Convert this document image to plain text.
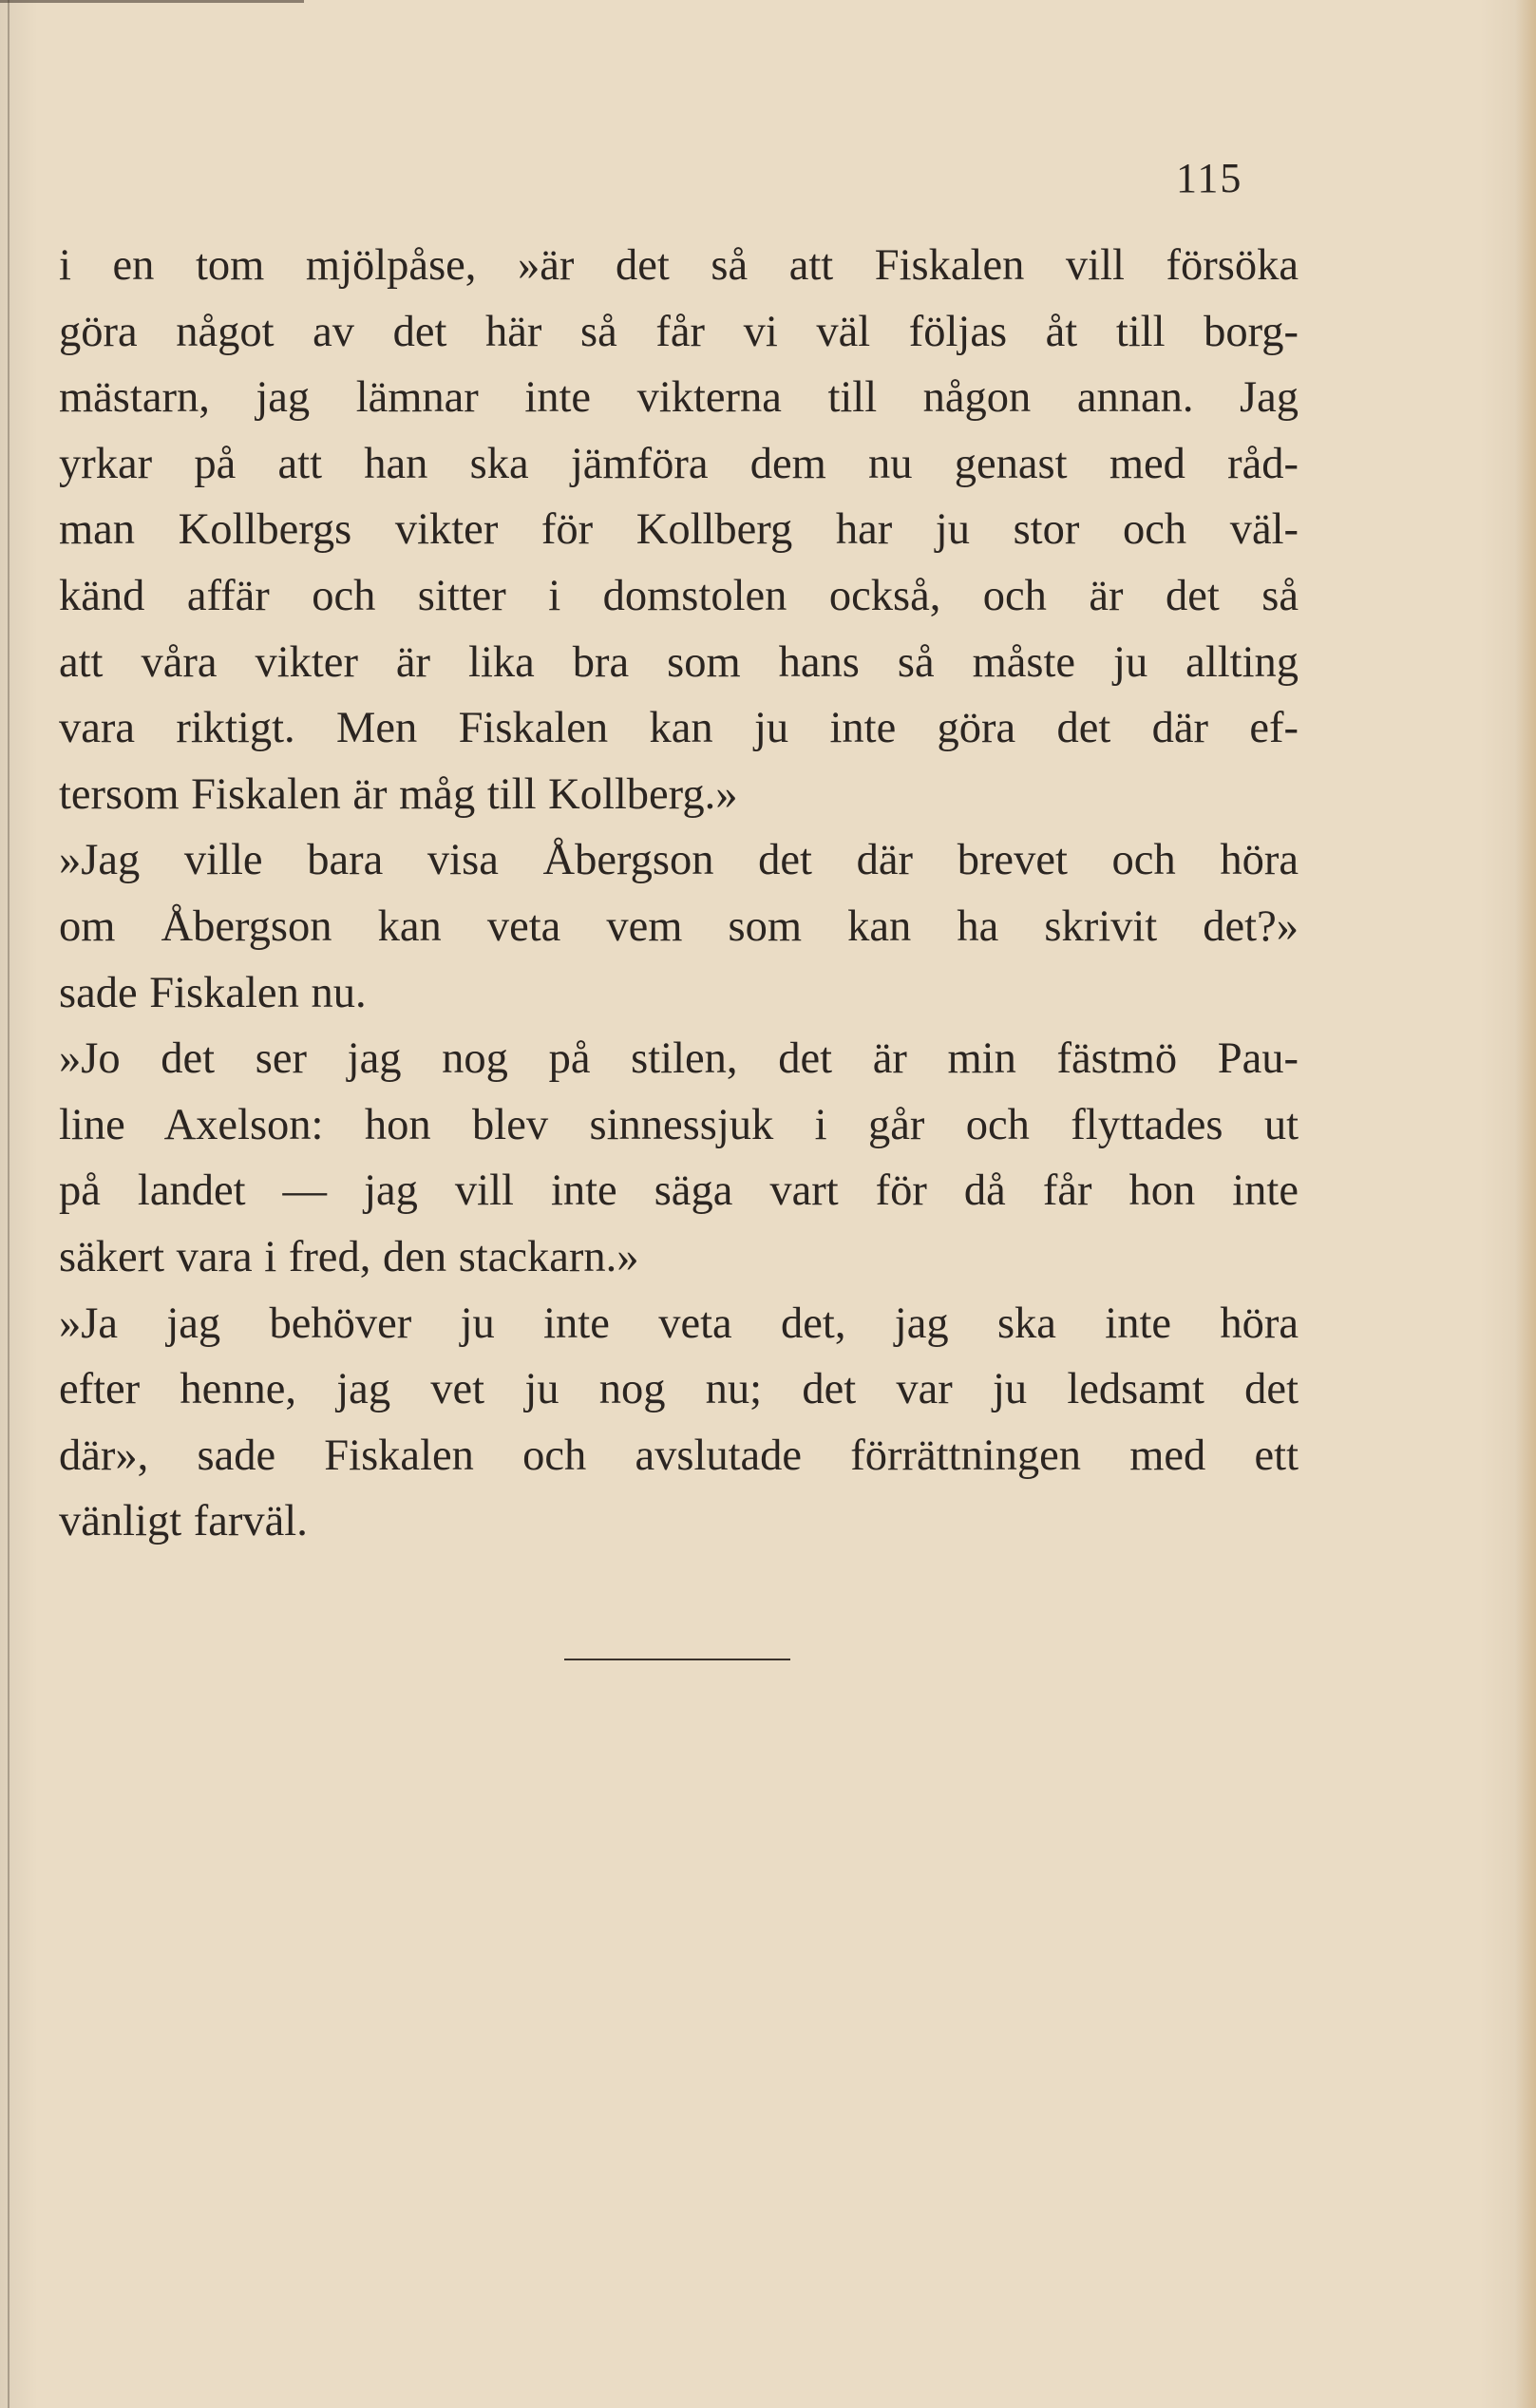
115
i en tom mjölpåse, »är det så att Fiskalen vill försöka
göra något av det här så får vi väl följas åt till borg-
mästarn, jag lämnar inte vikterna till någon annan. Jag
yrkar på att han ska jämföra dem nu genast med råd-
man Kollbergs vikter för Kollberg har ju stor och väl-
känd affär och sitter i domstolen också, och är det så
att våra vikter är lika bra som hans så måste ju allting
vara riktigt. Men Fiskalen kan ju inte göra det där ef-
tersom Fiskalen är måg till Kollberg.»
»Jag ville bara visa Åbergson det där brevet och höra
om Åbergson kan veta vem som kan ha skrivit det?»
sade Fiskalen nu.
»Jo det ser jag nog på stilen, det är min fästmö Pau-
line Axelson: hon blev sinnessjuk i går och flyttades ut
på landet — jag vill inte säga vart för då får hon inte
säkert vara i fred, den stackarn.»
»Ja jag behöver ju inte veta det, jag ska inte höra
efter henne, jag vet ju nog nu; det var ju ledsamt det
där», sade Fiskalen och avslutade förrättningen med ett
vänligt farväl.
